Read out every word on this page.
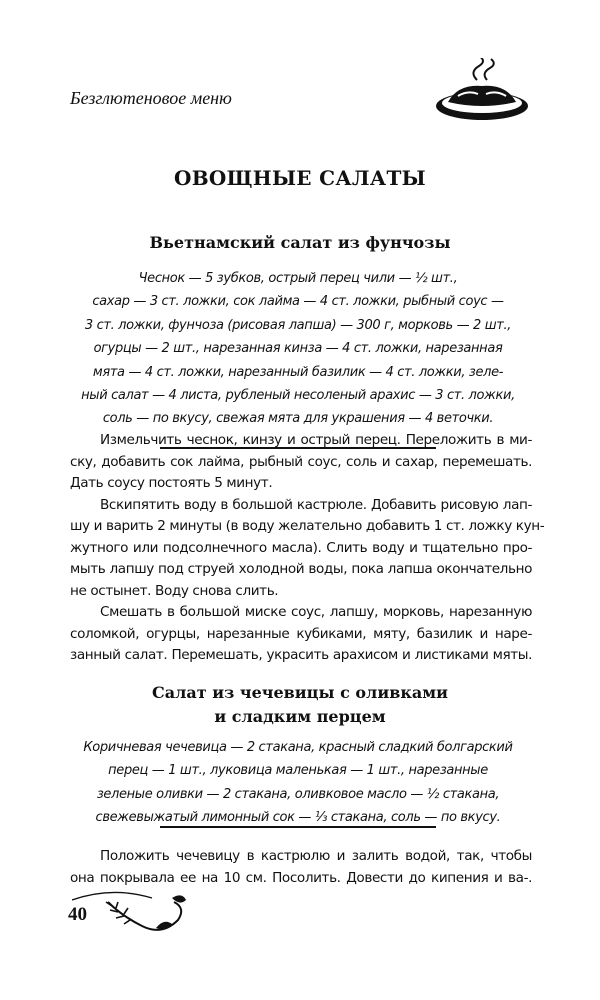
Безглютеновое меню
ОВОЩНЫЕ САЛАТЫ
Вьетнамский салат из фунчозы
Чеснок — 5 зубков, острый перец чили — ½ шт.,
сахар — 3 ст. ложки, сок лайма — 4 ст. ложки, рыбный соус —
3 ст. ложки, фунчоза (рисовая лапша) — 300 г, морковь — 2 шт.,
огурцы — 2 шт., нарезанная кинза — 4 ст. ложки, нарезанная
мята — 4 ст. ложки, нарезанный базилик — 4 ст. ложки, зеле-
ный салат — 4 листа, рубленый несоленый арахис — 3 ст. ложки,
соль — по вкусу, свежая мята для украшения — 4 веточки.
Измельчить чеснок, кинзу и острый перец. Переложить в ми-
ску, добавить сок лайма, рыбный соус, соль и сахар, перемешать.
Дать соусу постоять 5 минут.
Вскипятить воду в большой кастрюле. Добавить рисовую лап-
шу и варить 2 минуты (в воду желательно добавить 1 ст. ложку кун-
жутного или подсолнечного масла). Слить воду и тщательно про-
мыть лапшу под струей холодной воды, пока лапша окончательно
не остынет. Воду снова слить.
Смешать в большой миске соус, лапшу, морковь, нарезанную
соломкой, огурцы, нарезанные кубиками, мяту, базилик и наре-
занный салат. Перемешать, украсить арахисом и листиками мяты.
Салат из чечевицы с оливками
и сладким перцем
Коричневая чечевица — 2 стакана, красный сладкий болгарский
перец — 1 шт., луковица маленькая — 1 шт., нарезанные
зеленые оливки — 2 стакана, оливковое масло — ½ стакана,
свежевыжатый лимонный сок — ⅓ стакана, соль — по вкусу.
Положить чечевицу в кастрюлю и залить водой, так, чтобы
она покрывала ее на 10 см. Посолить. Довести до кипения и ва-.
40
